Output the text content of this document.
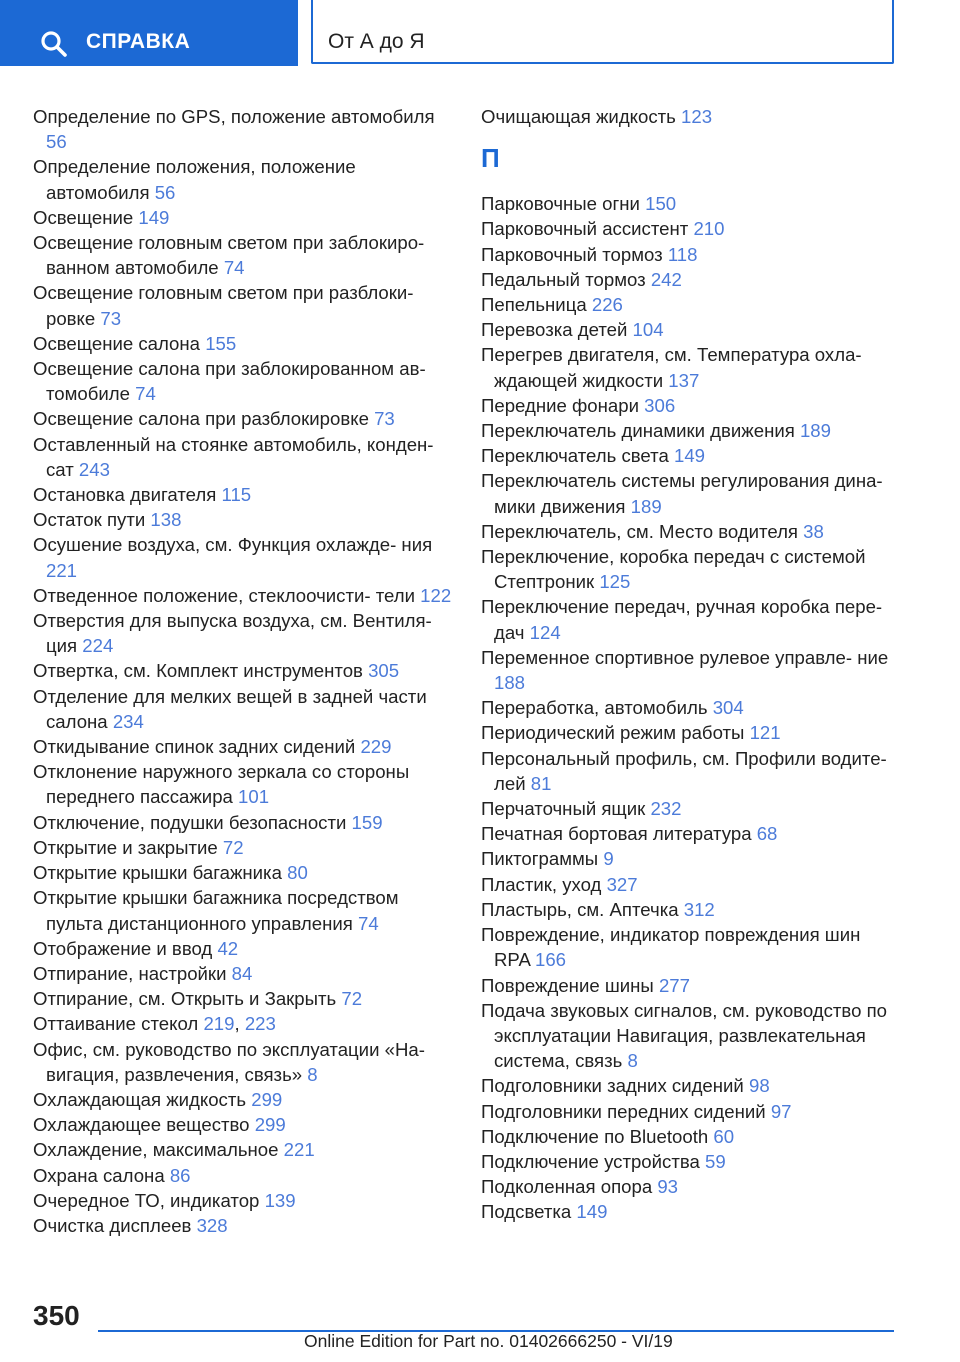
СПРАВКА	От А до Я

Определение по GPS, положение автомобиля 56

Определение положения, положение автомобиля 56

Освещение 149

Освещение головным светом при заблокиро- ванном автомобиле 74

Освещение головным светом при разблоки- ровке 73

Освещение салона 155

Освещение салона при заблокированном ав- томобиле 74

Освещение салона при разблокировке 73

Оставленный на стоянке автомобиль, конден- сат 243

Остановка двигателя 115

Остаток пути 138

Осушение воздуха, см. Функция охлажде- ния 221

Отведенное положение, стеклоочисти- тели 122

Отверстия для выпуска воздуха, см. Вентиля- ция 224

Отвертка, см. Комплект инструментов 305

Отделение для мелких вещей в задней части салона 234

Откидывание спинок задних сидений 229

Отклонение наружного зеркала со стороны переднего пассажира 101

Отключение, подушки безопасности 159

Открытие и закрытие 72

Открытие крышки багажника 80

Открытие крышки багажника посредством пульта дистанционного управления 74

Отображение и ввод 42

Отпирание, настройки 84

Отпирание, см. Открыть и Закрыть 72

Оттаивание стекол 219, 223

Офис, см. руководство по эксплуатации «На- вигация, развлечения, связь» 8

Охлаждающая жидкость 299

Охлаждающее вещество 299

Охлаждение, максимальное 221

Охрана салона 86

Очередное ТО, индикатор 139

Очистка дисплеев 328

Очищающая жидкость 123

П

Парковочные огни 150

Парковочный ассистент 210

Парковочный тормоз 118

Педальный тормоз 242

Пепельница 226

Перевозка детей 104

Перегрев двигателя, см. Температура охла- ждающей жидкости 137

Передние фонари 306

Переключатель динамики движения 189

Переключатель света 149

Переключатель системы регулирования дина- мики движения 189

Переключатель, см. Место водителя 38

Переключение, коробка передач с системой Стептроник 125

Переключение передач, ручная коробка пере- дач 124

Переменное спортивное рулевое управле- ние 188

Переработка, автомобиль 304

Периодический режим работы 121

Персональный профиль, см. Профили водите- лей 81

Перчаточный ящик 232

Печатная бортовая литература 68

Пиктограммы 9

Пластик, уход 327

Пластырь, см. Аптечка 312

Повреждение, индикатор повреждения шин RPA 166

Повреждение шины 277

Подача звуковых сигналов, см. руководство по эксплуатации Навигация, развлекательная система, связь 8

Подголовники задних сидений 98

Подголовники передних сидений 97

Подключение по Bluetooth 60

Подключение устройства 59

Подколенная опора 93

Подсветка 149

350
Online Edition for Part no. 01402666250 - VI/19
